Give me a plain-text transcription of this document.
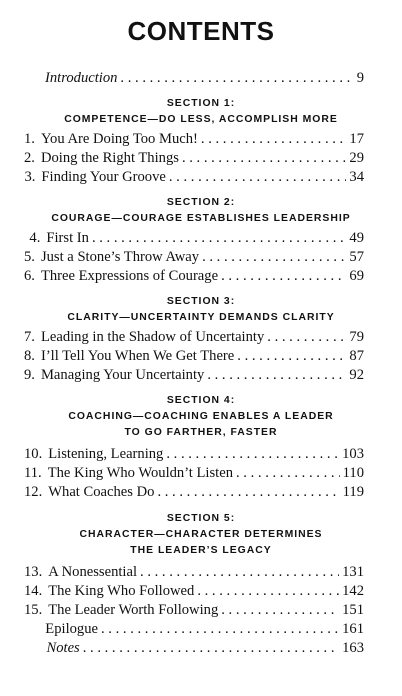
CONTENTS
Introduction . . .	9
SECTION 1:
COMPETENCE—DO LESS, ACCOMPLISH MORE
1. You Are Doing Too Much! . . .	17
2. Doing the Right Things . . .	29
3. Finding Your Groove . . .	34
SECTION 2:
COURAGE—COURAGE ESTABLISHES LEADERSHIP
4. First In . . .	49
5. Just a Stone’s Throw Away . . .	57
6. Three Expressions of Courage . . .	69
SECTION 3:
CLARITY—UNCERTAINTY DEMANDS CLARITY
7. Leading in the Shadow of Uncertainty . . .	79
8. I’ll Tell You When We Get There . . .	87
9. Managing Your Uncertainty . . .	92
SECTION 4:
COACHING—COACHING ENABLES A LEADER
TO GO FARTHER, FASTER
10. Listening, Learning . . .	103
11. The King Who Wouldn’t Listen . . .	110
12. What Coaches Do . . .	119
SECTION 5:
CHARACTER—CHARACTER DETERMINES
THE LEADER’S LEGACY
13. A Nonessential . . .	131
14. The King Who Followed . . .	142
15. The Leader Worth Following . . .	151
Epilogue . . .	161
Notes . . .	163
